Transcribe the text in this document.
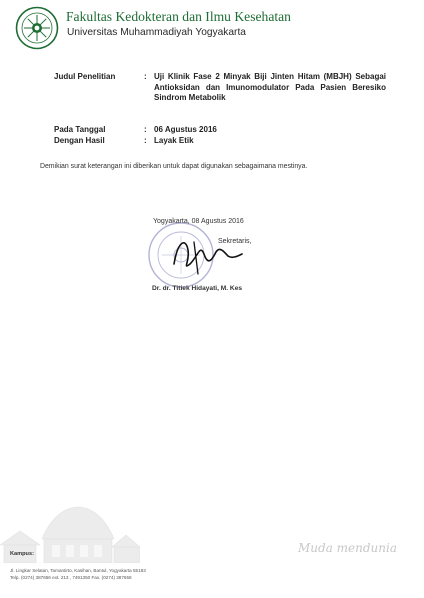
Fakultas Kedokteran dan Ilmu Kesehatan
Universitas Muhammadiyah Yogyakarta
Judul Penelitian	: Uji Klinik Fase 2 Minyak Biji Jinten Hitam (MBJH) Sebagai Antioksidan dan Imunomodulator Pada Pasien Beresiko Sindrom Metabolik
Pada Tanggal	: 06 Agustus 2016
Dengan Hasil	: Layak Etik
Demikian surat keterangan ini diberikan untuk dapat digunakan sebagaimana mestinya.
Yogyakarta, 08 Agustus 2016
Sekretaris,
Dr. dr. Titiek Hidayati, M. Kes
Kampus:
Jl. Lingkar Selatan, Tamantirto, Kasihan, Bantul, Yogyakarta 55183
Telp. (0274) 387656 ext. 213 , 7491350 Fax. (0274) 387658
Muda mendunia
